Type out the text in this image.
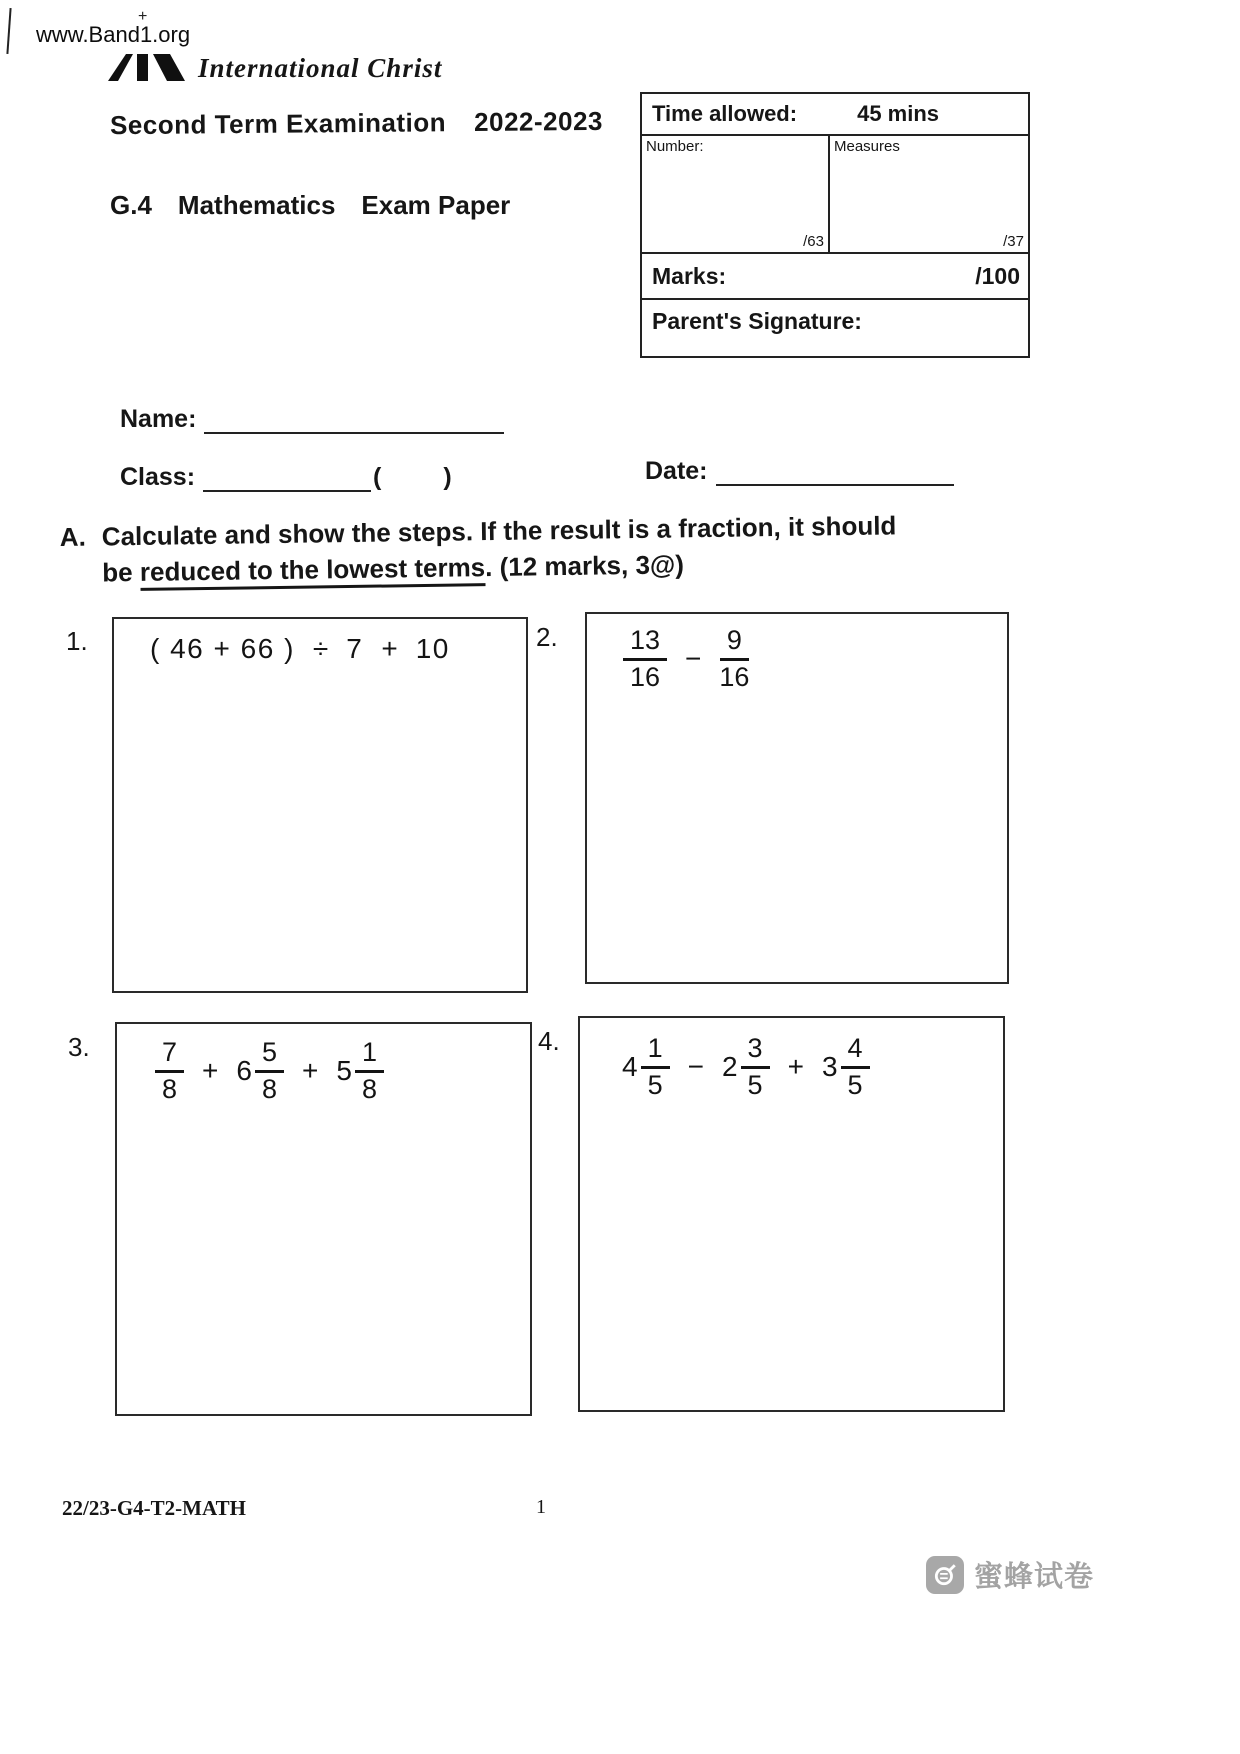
+
www.Band1.org
International Christ
Second Term Examination 2022-2023
G.4 Mathematics Exam Paper
Time allowed:	45 mins
Number:
/63
Measures
/37
Marks:	/100
Parent's Signature:
Name:
Class:	( )	Date:
A. Calculate and show the steps. If the result is a fraction, it should
be reduced to the lowest terms. (12 marks, 3@)
1. ( 46 + 66 ) ÷ 7 + 10	2. $\frac{13}{16} - \frac{9}{16}$
3. $\frac{7}{8} + 6 \frac{5}{8} + 5 \frac{1}{8}$	4.
$4 \frac{1}{5} - 2 \frac{3}{5} + 3 \frac{4}{5}$
22/23-G4-T2-MATH	1
蜜蜂试卷
